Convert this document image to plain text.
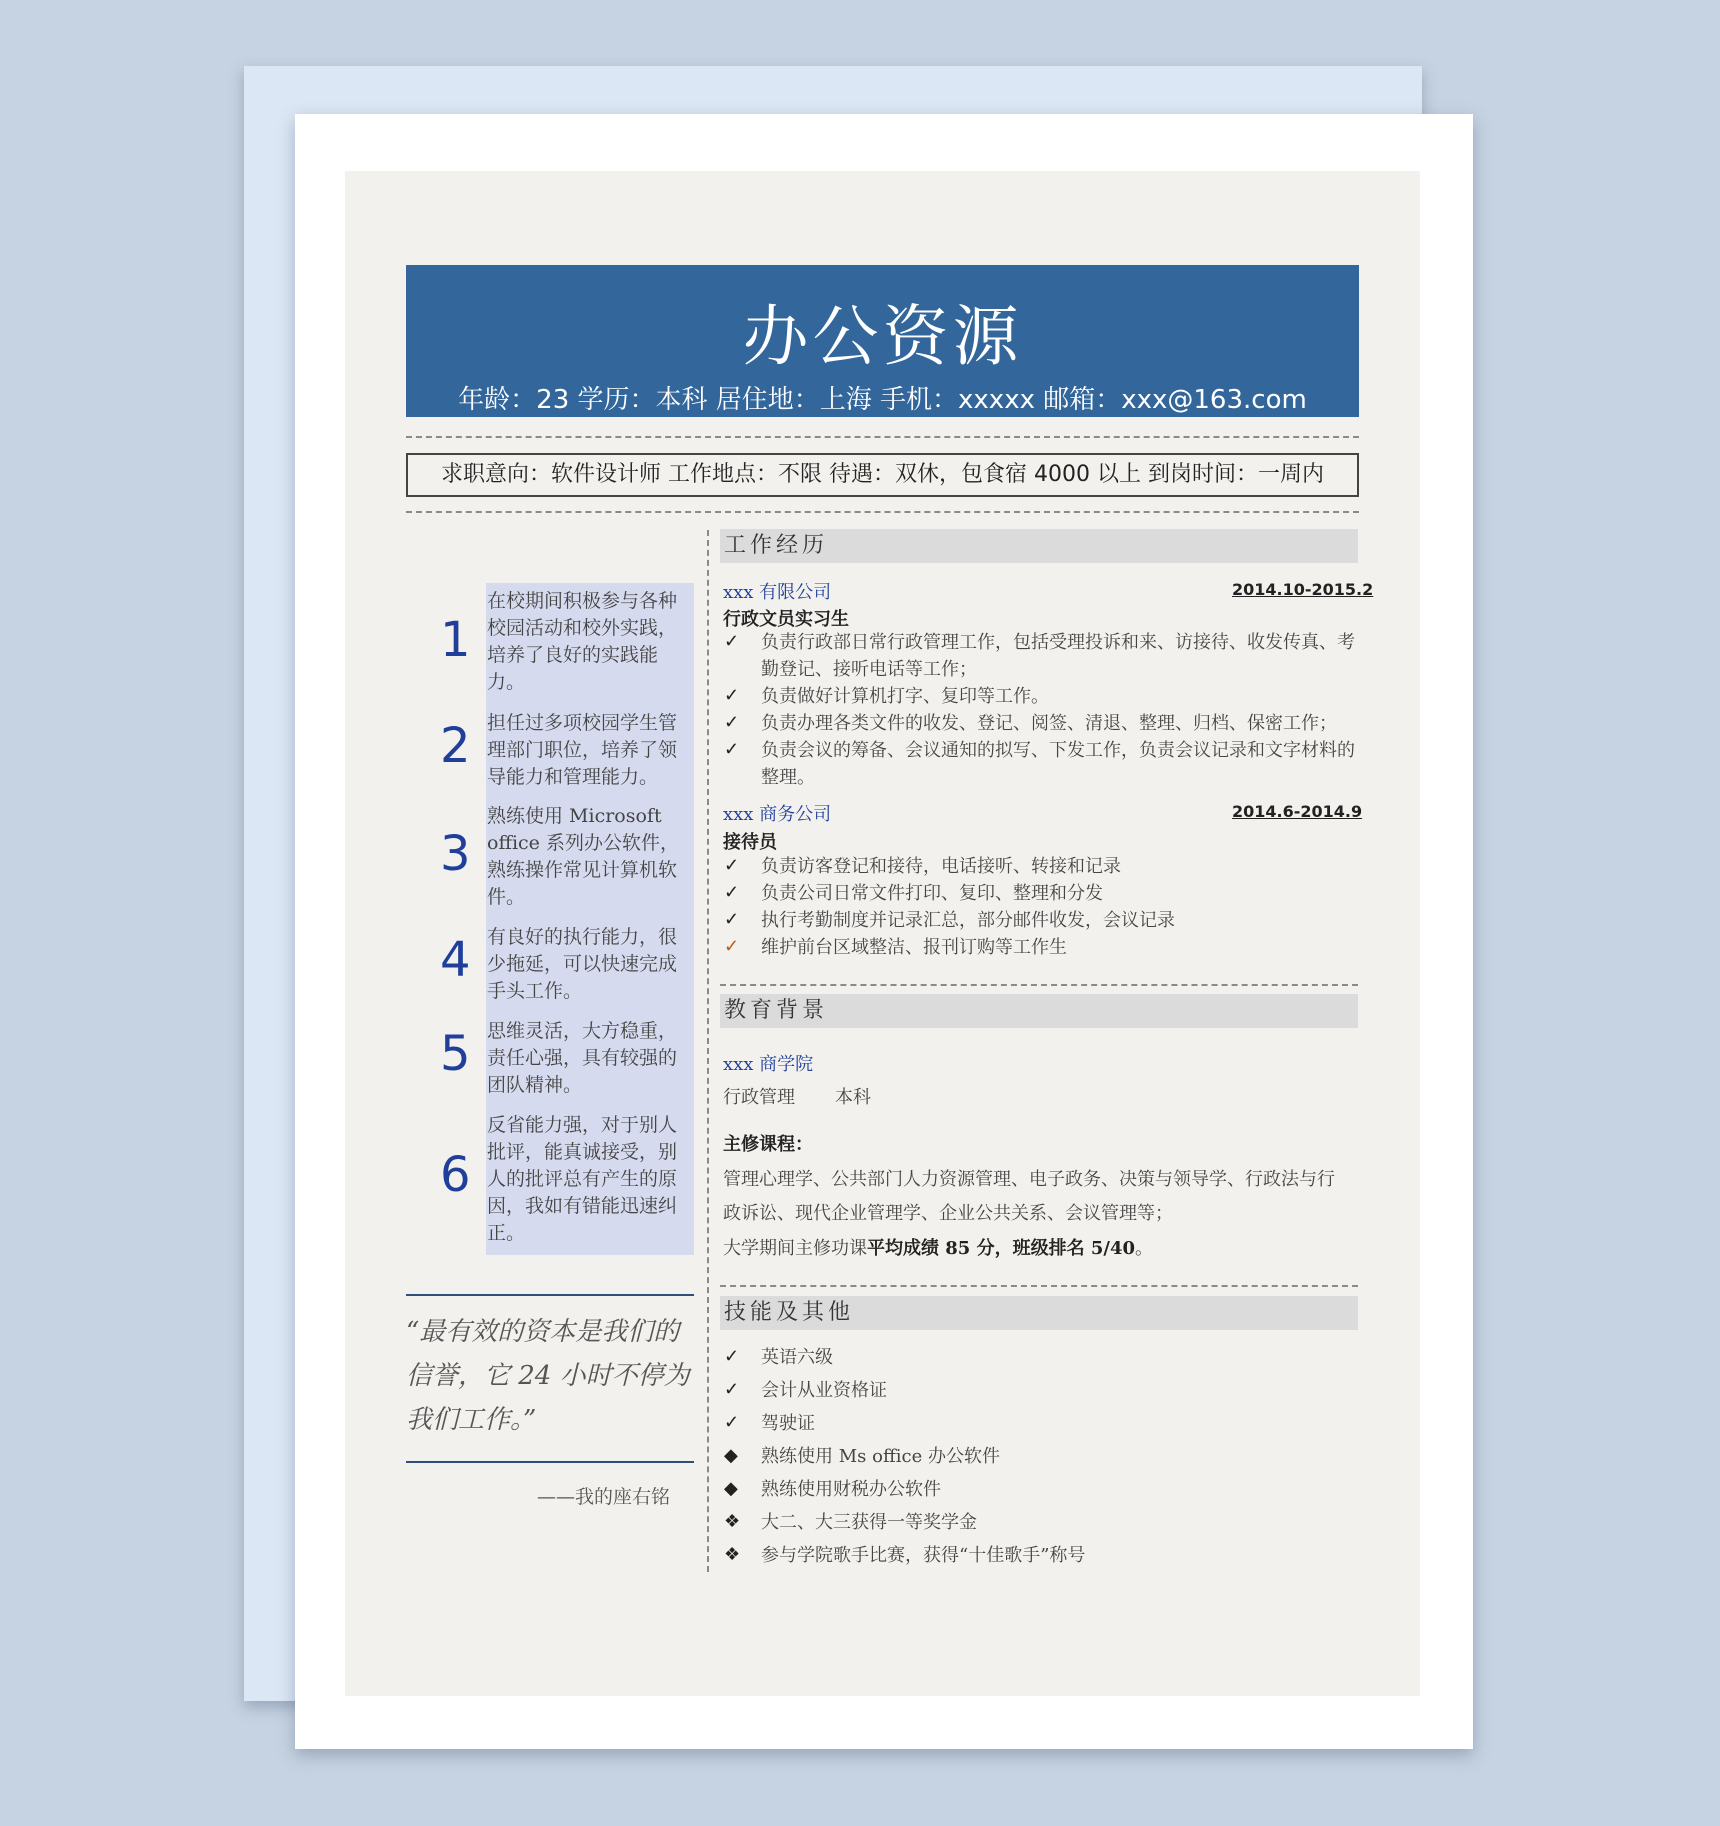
办公资源
年龄：23 学历：本科 居住地：上海 手机：xxxxx 邮箱：xxx@163.com
求职意向：软件设计师 工作地点：不限 待遇：双休，包食宿 4000 以上 到岗时间：一周内
1
在校期间积极参与各种校园活动和校外实践，培养了良好的实践能力。
2 担任过多项校园学生管理部门职位，培养了领导能力和管理能力。
3
熟练使用 Microsoft office 系列办公软件，熟练操作常见计算机软件。
4 有良好的执行能力，很少拖延，可以快速完成手头工作。
5 思维灵活，大方稳重，责任心强，具有较强的团队精神。
6
反省能力强，对于别人批评，能真诚接受，别人的批评总有产生的原因，我如有错能迅速纠正。
“最有效的资本是我们的信誉，它 24 小时不停为我们工作。”
——我的座右铭
工作经历
xxx 有限公司	2014.10-2015.2
行政文员实习生
✓ 负责行政部日常行政管理工作，包括受理投诉和来、访接待、收发传真、考勤登记、接听电话等工作；
✓ 负责做好计算机打字、复印等工作。
✓ 负责办理各类文件的收发、登记、阅签、清退、整理、归档、保密工作；
✓ 负责会议的筹备、会议通知的拟写、下发工作，负责会议记录和文字材料的整理。
xxx 商务公司	2014.6-2014.9
接待员
✓ 负责访客登记和接待，电话接听、转接和记录
✓ 负责公司日常文件打印、复印、整理和分发
✓ 执行考勤制度并记录汇总，部分邮件收发，会议记录
✓ 维护前台区域整洁、报刊订购等工作生
教育背景
xxx 商学院
行政管理 本科
主修课程：
管理心理学、公共部门人力资源管理、电子政务、决策与领导学、行政法与行
政诉讼、现代企业管理学、企业公共关系、会议管理等；
大学期间主修功课平均成绩 85 分，班级排名 5/40。
技能及其他
✓ 英语六级
✓ 会计从业资格证
✓ 驾驶证
◆ 熟练使用 Ms office 办公软件
◆ 熟练使用财税办公软件
❖ 大二、大三获得一等奖学金
❖ 参与学院歌手比赛，获得“十佳歌手”称号
